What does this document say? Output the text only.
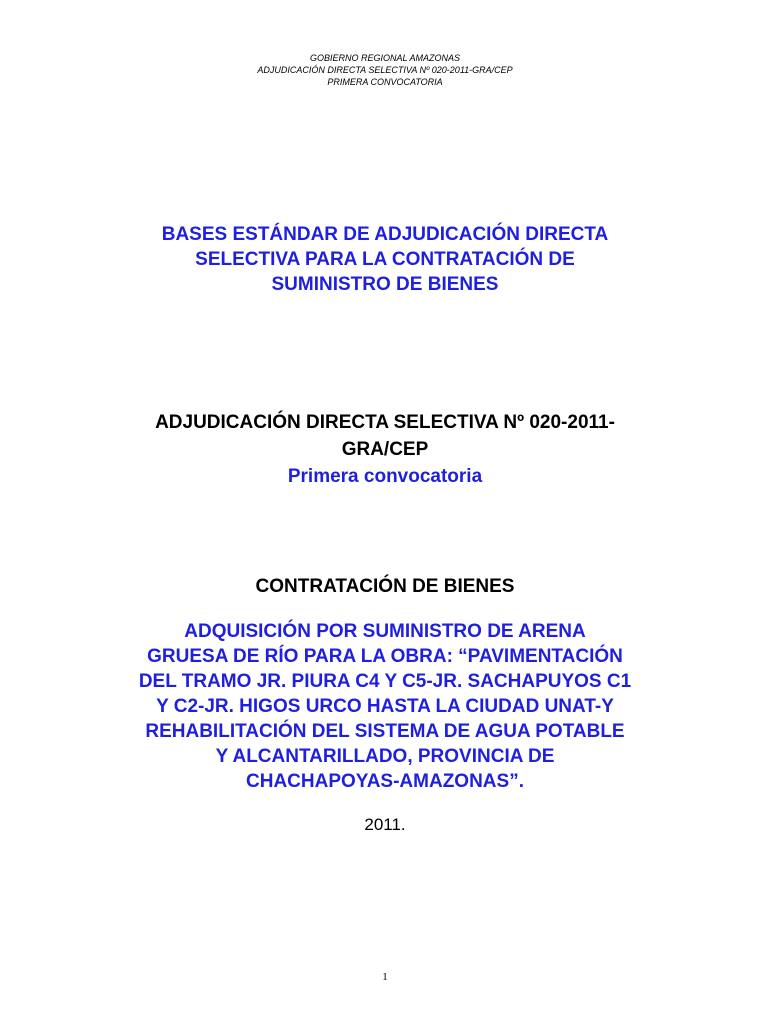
GOBIERNO REGIONAL AMAZONAS
ADJUDICACIÓN DIRECTA SELECTIVA Nº 020-2011-GRA/CEP
PRIMERA CONVOCATORIA
BASES ESTÁNDAR DE ADJUDICACIÓN DIRECTA
SELECTIVA PARA LA CONTRATACIÓN DE
SUMINISTRO DE BIENES
ADJUDICACIÓN DIRECTA SELECTIVA Nº 020-2011-
GRA/CEP
Primera convocatoria
CONTRATACIÓN DE BIENES
ADQUISICIÓN POR SUMINISTRO DE ARENA
GRUESA DE RÍO PARA LA OBRA: “PAVIMENTACIÓN
DEL TRAMO JR. PIURA C4 Y C5-JR. SACHAPUYOS C1
Y C2-JR. HIGOS URCO HASTA LA CIUDAD UNAT-Y
REHABILITACIÓN DEL SISTEMA DE AGUA POTABLE
Y ALCANTARILLADO, PROVINCIA DE
CHACHAPOYAS-AMAZONAS”.
2011.
1
